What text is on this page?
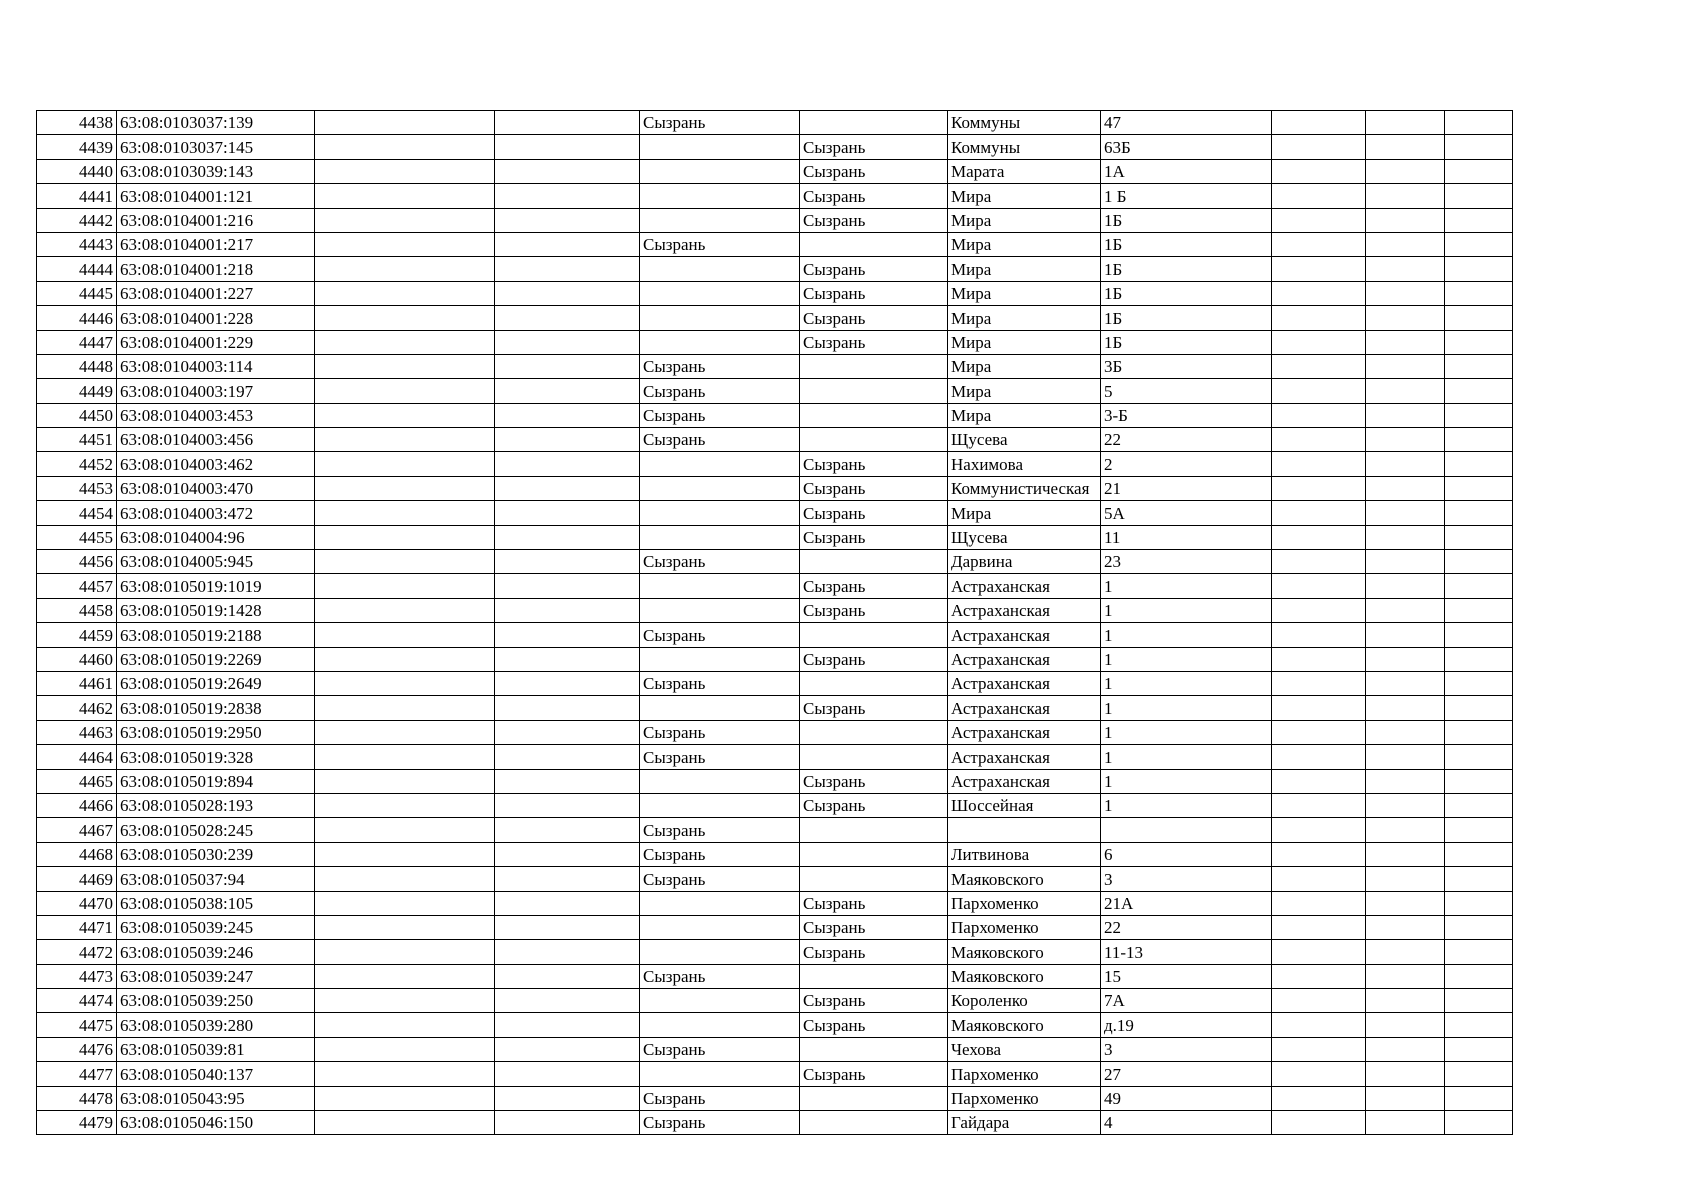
4438	63:08:0103037:139			Сызрань		Коммуны	47			
4439	63:08:0103037:145				Сызрань	Коммуны	63Б			
4440	63:08:0103039:143				Сызрань	Марата	1А			
4441	63:08:0104001:121				Сызрань	Мира	1 Б			
4442	63:08:0104001:216				Сызрань	Мира	1Б			
4443	63:08:0104001:217			Сызрань		Мира	1Б			
4444	63:08:0104001:218				Сызрань	Мира	1Б			
4445	63:08:0104001:227				Сызрань	Мира	1Б			
4446	63:08:0104001:228				Сызрань	Мира	1Б			
4447	63:08:0104001:229				Сызрань	Мира	1Б			
4448	63:08:0104003:114			Сызрань		Мира	3Б			
4449	63:08:0104003:197			Сызрань		Мира	5			
4450	63:08:0104003:453			Сызрань		Мира	3-Б			
4451	63:08:0104003:456			Сызрань		Щусева	22			
4452	63:08:0104003:462				Сызрань	Нахимова	2			
4453	63:08:0104003:470				Сызрань	Коммунистическая	21			
4454	63:08:0104003:472				Сызрань	Мира	5А			
4455	63:08:0104004:96				Сызрань	Щусева	11			
4456	63:08:0104005:945			Сызрань		Дарвина	23			
4457	63:08:0105019:1019				Сызрань	Астраханская	1			
4458	63:08:0105019:1428				Сызрань	Астраханская	1			
4459	63:08:0105019:2188			Сызрань		Астраханская	1			
4460	63:08:0105019:2269				Сызрань	Астраханская	1			
4461	63:08:0105019:2649			Сызрань		Астраханская	1			
4462	63:08:0105019:2838				Сызрань	Астраханская	1			
4463	63:08:0105019:2950			Сызрань		Астраханская	1			
4464	63:08:0105019:328			Сызрань		Астраханская	1			
4465	63:08:0105019:894				Сызрань	Астраханская	1			
4466	63:08:0105028:193				Сызрань	Шоссейная	1			
4467	63:08:0105028:245			Сызрань						
4468	63:08:0105030:239			Сызрань		Литвинова	6			
4469	63:08:0105037:94			Сызрань		Маяковского	3			
4470	63:08:0105038:105				Сызрань	Пархоменко	21А			
4471	63:08:0105039:245				Сызрань	Пархоменко	22			
4472	63:08:0105039:246				Сызрань	Маяковского	11-13			
4473	63:08:0105039:247			Сызрань		Маяковского	15			
4474	63:08:0105039:250				Сызрань	Короленко	7А			
4475	63:08:0105039:280				Сызрань	Маяковского	д.19			
4476	63:08:0105039:81			Сызрань		Чехова	3			
4477	63:08:0105040:137				Сызрань	Пархоменко	27			
4478	63:08:0105043:95			Сызрань		Пархоменко	49			
4479	63:08:0105046:150			Сызрань		Гайдара	4			
